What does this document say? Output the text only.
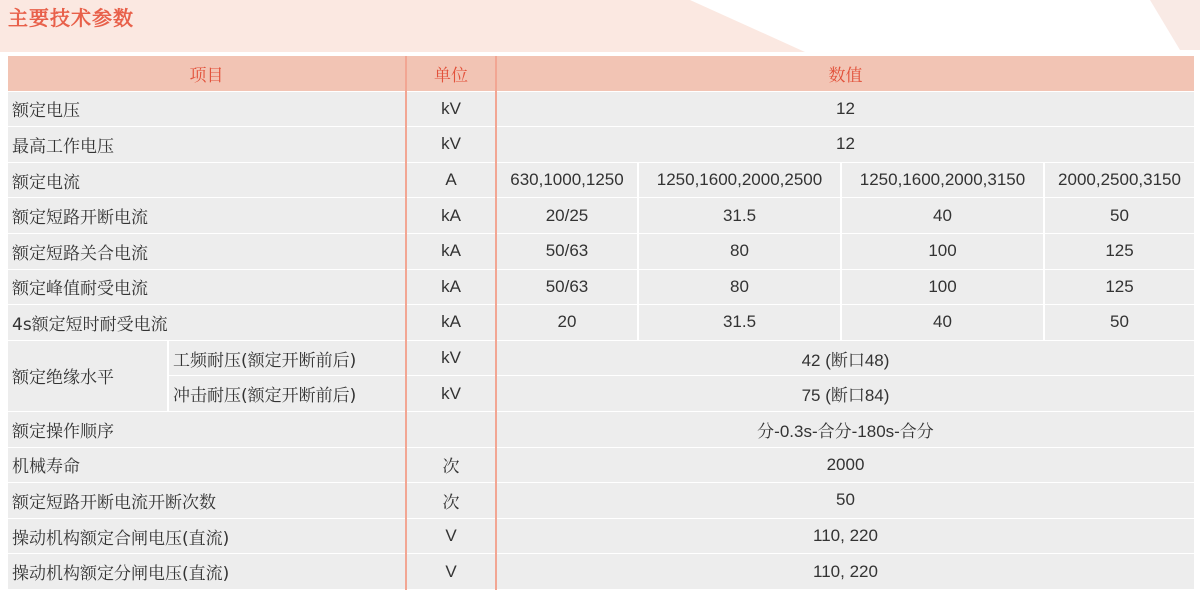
主要技术参数
项目		单位	数值			
额定电压		kV	12			
最高工作电压		kV	12			
额定电流		A	630,1000,1250	1250,1600,2000,2500	1250,1600,2000,3150	2000,2500,3150
额定短路开断电流		kA	20/25	31.5	40	50
额定短路关合电流		kA	50/63	80	100	125
额定峰值耐受电流		kA	50/63	80	100	125
4s额定短时耐受电流		kA	20	31.5	40	50
额定绝缘水平	工频耐压(额定开断前后)	kV	42 (断口48)			
	冲击耐压(额定开断前后)	kV	75 (断口84)			
额定操作顺序			分-0.3s-合分-180s-合分			
机械寿命		次	2000			
额定短路开断电流开断次数		次	50			
操动机构额定合闸电压(直流)		V	110, 220			
操动机构额定分闸电压(直流)		V	110, 220			
